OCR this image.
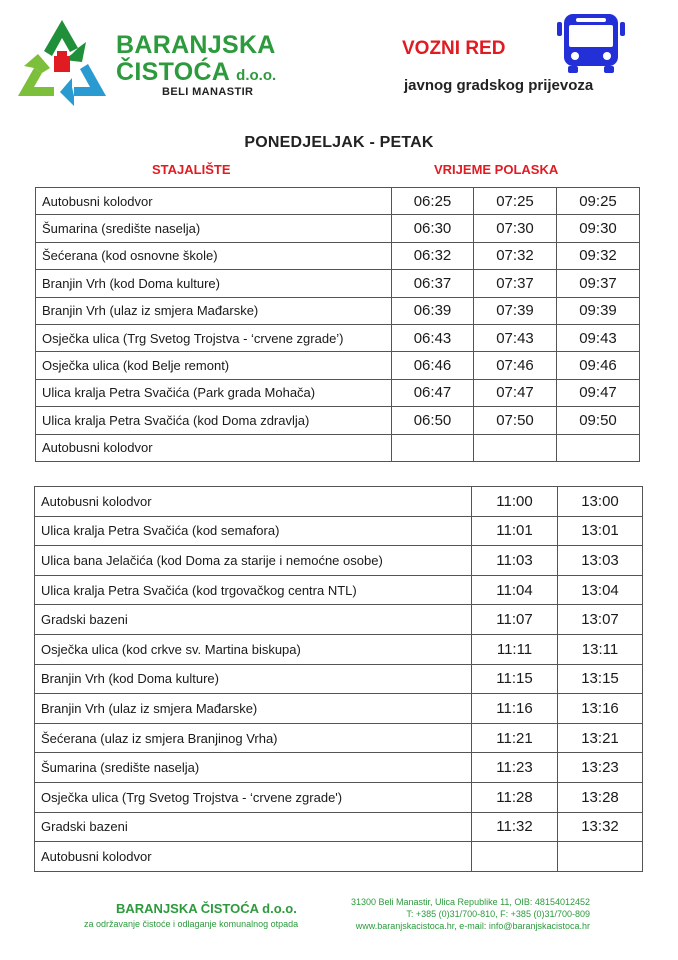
BARANJSKA
ČISTOĆA d.o.o.
BELI MANASTIR
VOZNI RED
javnog gradskog prijevoza
PONEDJELJAK - PETAK
STAJALIŠTE	VRIJEME POLASKA
Autobusni kolodvor	06:25	07:25	09:25
Šumarina (središte naselja)	06:30	07:30	09:30
Šećerana (kod osnovne škole)	06:32	07:32	09:32
Branjin Vrh (kod Doma kulture)	06:37	07:37	09:37
Branjin Vrh (ulaz iz smjera Mađarske)	06:39	07:39	09:39
Osječka ulica (Trg Svetog Trojstva - ‘crvene zgrade’)	06:43	07:43	09:43
Osječka ulica (kod Belje remont)	06:46	07:46	09:46
Ulica kralja Petra Svačića (Park grada Mohača)	06:47	07:47	09:47
Ulica kralja Petra Svačića (kod Doma zdravlja)	06:50	07:50	09:50
Autobusni kolodvor			
Autobusni kolodvor	11:00	13:00
Ulica kralja Petra Svačića (kod semafora)	11:01	13:01
Ulica bana Jelačića (kod Doma za starije i nemoćne osobe)	11:03	13:03
Ulica kralja Petra Svačića (kod trgovačkog centra NTL)	11:04	13:04
Gradski bazeni	11:07	13:07
Osječka ulica (kod crkve sv. Martina biskupa)	11:11	13:11
Branjin Vrh (kod Doma kulture)	11:15	13:15
Branjin Vrh (ulaz iz smjera Mađarske)	11:16	13:16
Šećerana (ulaz iz smjera Branjinog Vrha)	11:21	13:21
Šumarina (središte naselja)	11:23	13:23
Osječka ulica (Trg Svetog Trojstva - ‘crvene zgrade')	11:28	13:28
Gradski bazeni	11:32	13:32
Autobusni kolodvor		
BARANJSKA ČISTOĆA d.o.o.
za održavanje čistoće i odlaganje komunalnog otpada
31300 Beli Manastir, Ulica Republike 11, OIB: 48154012452
T: +385 (0)31/700-810, F: +385 (0)31/700-809
www.baranjskacistoca.hr, e-mail: info@baranjskacistoca.hr
